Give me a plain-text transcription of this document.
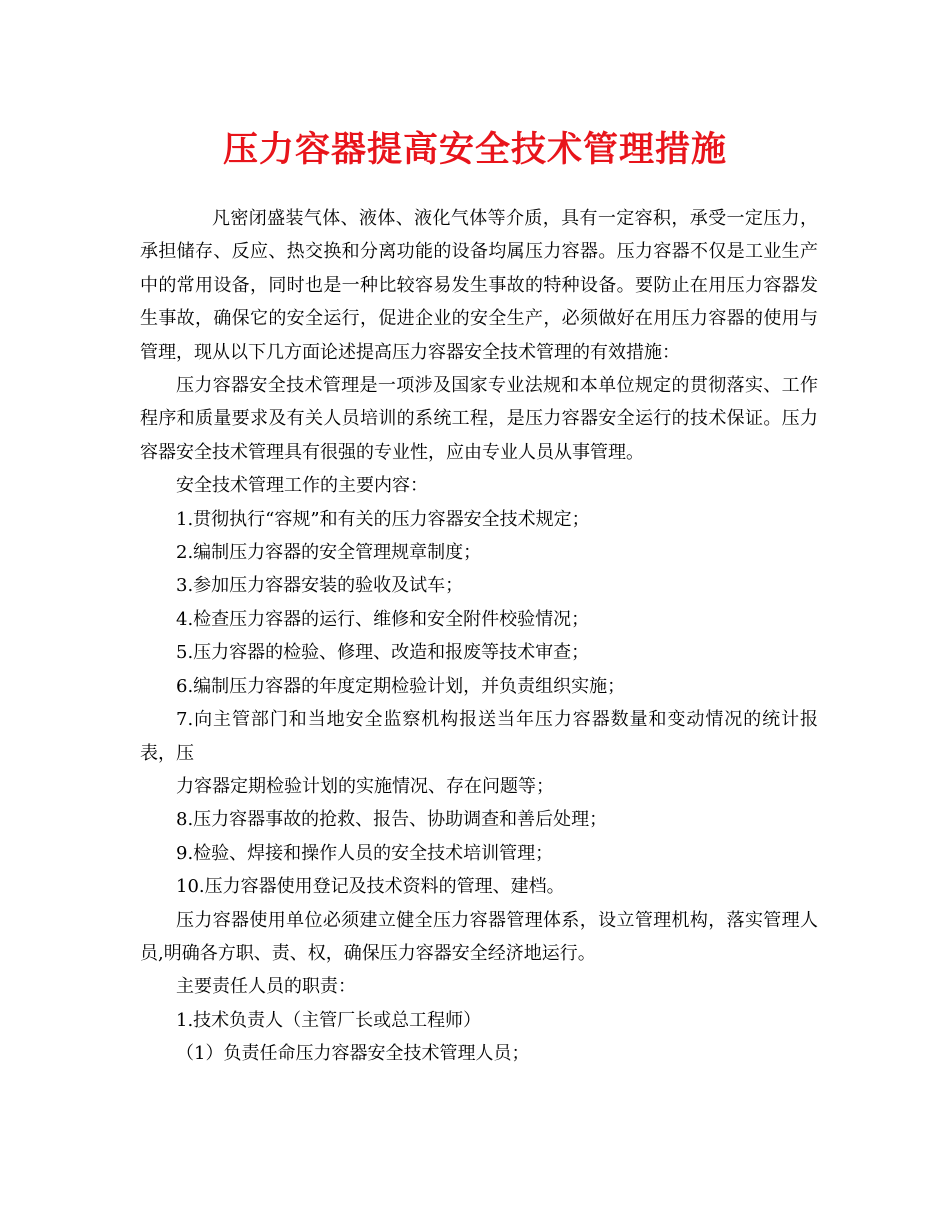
压力容器提高安全技术管理措施

凡密闭盛装气体、液体、液化气体等介质，具有一定容积，承受一定压力，承担储存、反应、热交换和分离功能的设备均属压力容器。压力容器不仅是工业生产中的常用设备，同时也是一种比较容易发生事故的特种设备。要防止在用压力容器发生事故，确保它的安全运行，促进企业的安全生产，必须做好在用压力容器的使用与管理，现从以下几方面论述提高压力容器安全技术管理的有效措施：

压力容器安全技术管理是一项涉及国家专业法规和本单位规定的贯彻落实、工作程序和质量要求及有关人员培训的系统工程，是压力容器安全运行的技术保证。压力容器安全技术管理具有很强的专业性，应由专业人员从事管理。

安全技术管理工作的主要内容：

1.贯彻执行“容规”和有关的压力容器安全技术规定；

2.编制压力容器的安全管理规章制度；

3.参加压力容器安装的验收及试车；

4.检查压力容器的运行、维修和安全附件校验情况；

5.压力容器的检验、修理、改造和报废等技术审查；

6.编制压力容器的年度定期检验计划，并负责组织实施；

7.向主管部门和当地安全监察机构报送当年压力容器数量和变动情况的统计报表，压

力容器定期检验计划的实施情况、存在问题等；

8.压力容器事故的抢救、报告、协助调查和善后处理；

9.检验、焊接和操作人员的安全技术培训管理；

10.压力容器使用登记及技术资料的管理、建档。

压力容器使用单位必须建立健全压力容器管理体系，设立管理机构，落实管理人员,明确各方职、责、权，确保压力容器安全经济地运行。

主要责任人员的职责：

1.技术负责人（主管厂长或总工程师）

（1）负责任命压力容器安全技术管理人员；
